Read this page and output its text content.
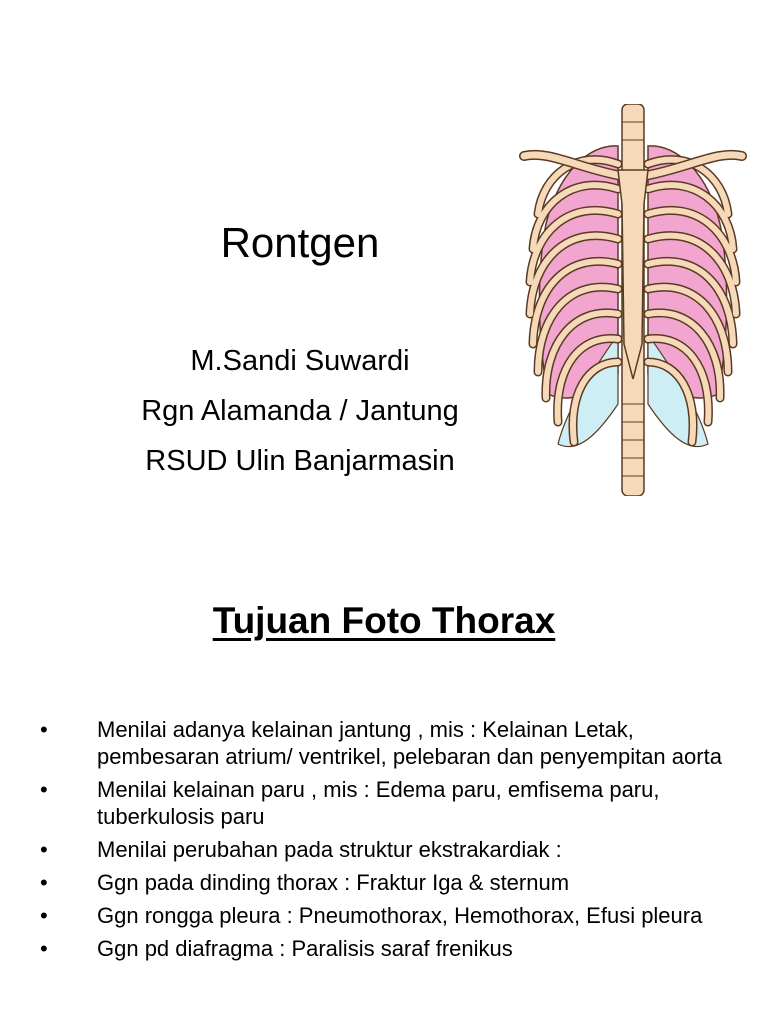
Rontgen
M.Sandi Suwardi
Rgn Alamanda / Jantung
RSUD Ulin Banjarmasin
Tujuan Foto Thorax
•	Menilai adanya kelainan jantung , mis : Kelainan Letak, pembesaran atrium/ ventrikel, pelebaran dan penyempitan aorta
•	Menilai kelainan paru , mis : Edema paru, emfisema paru, tuberkulosis paru
•	Menilai perubahan pada struktur ekstrakardiak :
•	Ggn pada dinding thorax : Fraktur Iga & sternum
•	Ggn rongga pleura : Pneumothorax, Hemothorax, Efusi pleura
•	Ggn pd diafragma : Paralisis saraf frenikus
